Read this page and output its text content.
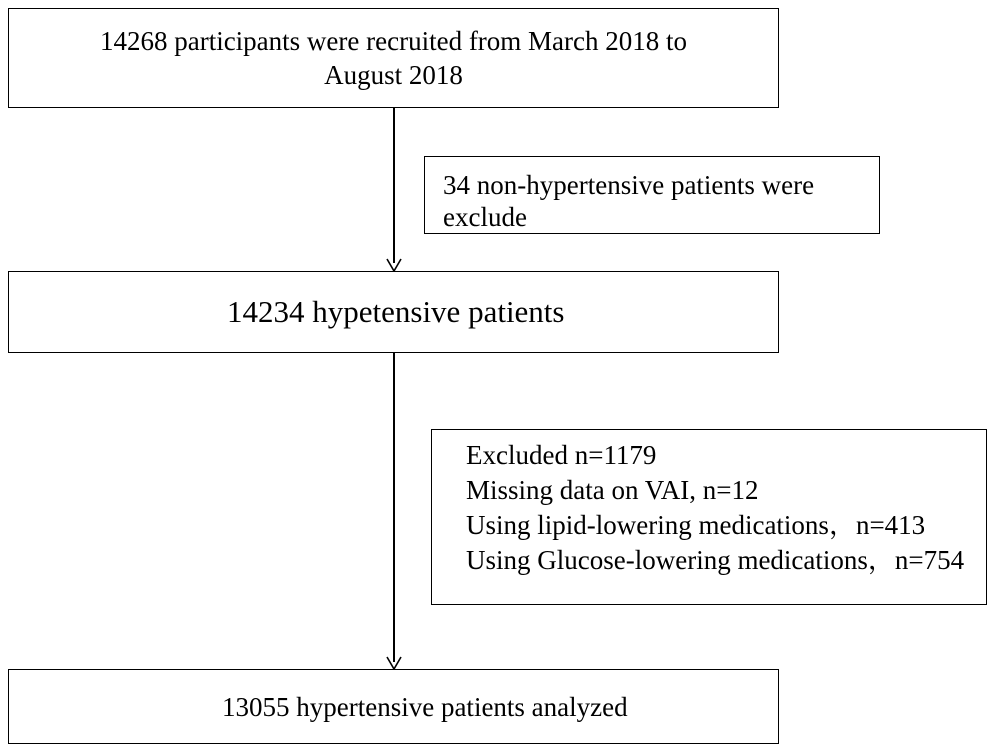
14268 participants were recruited from March 2018 to
August 2018
34 non-hypertensive patients were
exclude
14234 hypetensive patients
Excluded n=1179
Missing data on VAI, n=12
Using lipid-lowering medications，n=413
Using Glucose-lowering medications，n=754
13055 hypertensive patients analyzed
